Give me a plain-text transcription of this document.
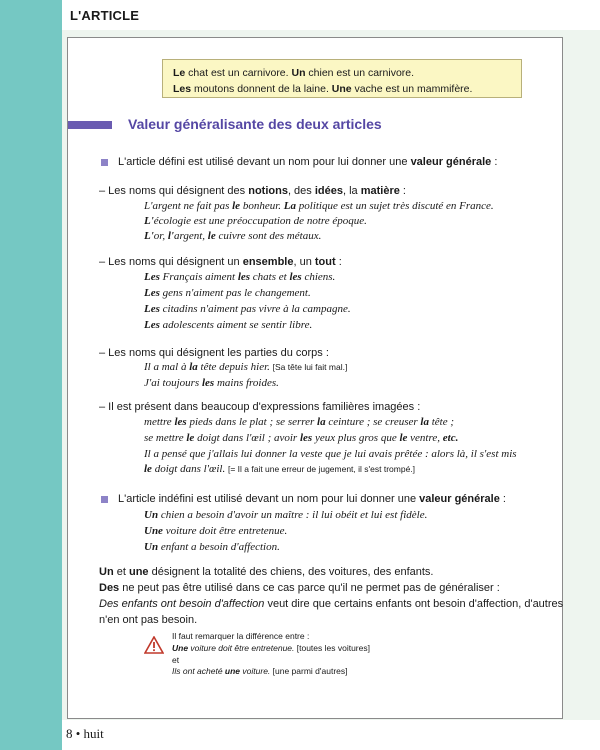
L'ARTICLE
Le chat est un carnivore. Un chien est un carnivore.
Les moutons donnent de la laine. Une vache est un mammifère.
Valeur généralisante des deux articles
L'article défini est utilisé devant un nom pour lui donner une valeur générale :
– Les noms qui désignent des notions, des idées, la matière :
L'argent ne fait pas le bonheur. La politique est un sujet très discuté en France.
L'écologie est une préoccupation de notre époque.
L'or, l'argent, le cuivre sont des métaux.
– Les noms qui désignent un ensemble, un tout :
Les Français aiment les chats et les chiens.
Les gens n'aiment pas le changement.
Les citadins n'aiment pas vivre à la campagne.
Les adolescents aiment se sentir libre.
– Les noms qui désignent les parties du corps :
Il a mal à la tête depuis hier. [Sa tête lui fait mal.]
J'ai toujours les mains froides.
– Il est présent dans beaucoup d'expressions familières imagées :
mettre les pieds dans le plat ; se serrer la ceinture ; se creuser la tête ;
se mettre le doigt dans l'œil ; avoir les yeux plus gros que le ventre, etc.
Il a pensé que j'allais lui donner la veste que je lui avais prêtée : alors là, il s'est mis
le doigt dans l'œil. [= Il a fait une erreur de jugement, il s'est trompé.]
L'article indéfini est utilisé devant un nom pour lui donner une valeur générale :
Un chien a besoin d'avoir un maître : il lui obéit et lui est fidèle.
Une voiture doit être entretenue.
Un enfant a besoin d'affection.
Un et une désignent la totalité des chiens, des voitures, des enfants.
Des ne peut pas être utilisé dans ce cas parce qu'il ne permet pas de généraliser :
Des enfants ont besoin d'affection veut dire que certains enfants ont besoin d'affection, d'autres
n'en ont pas besoin.
Il faut remarquer la différence entre :
Une voiture doit être entretenue. [toutes les voitures]
et
Ils ont acheté une voiture. [une parmi d'autres]
8 • huit
